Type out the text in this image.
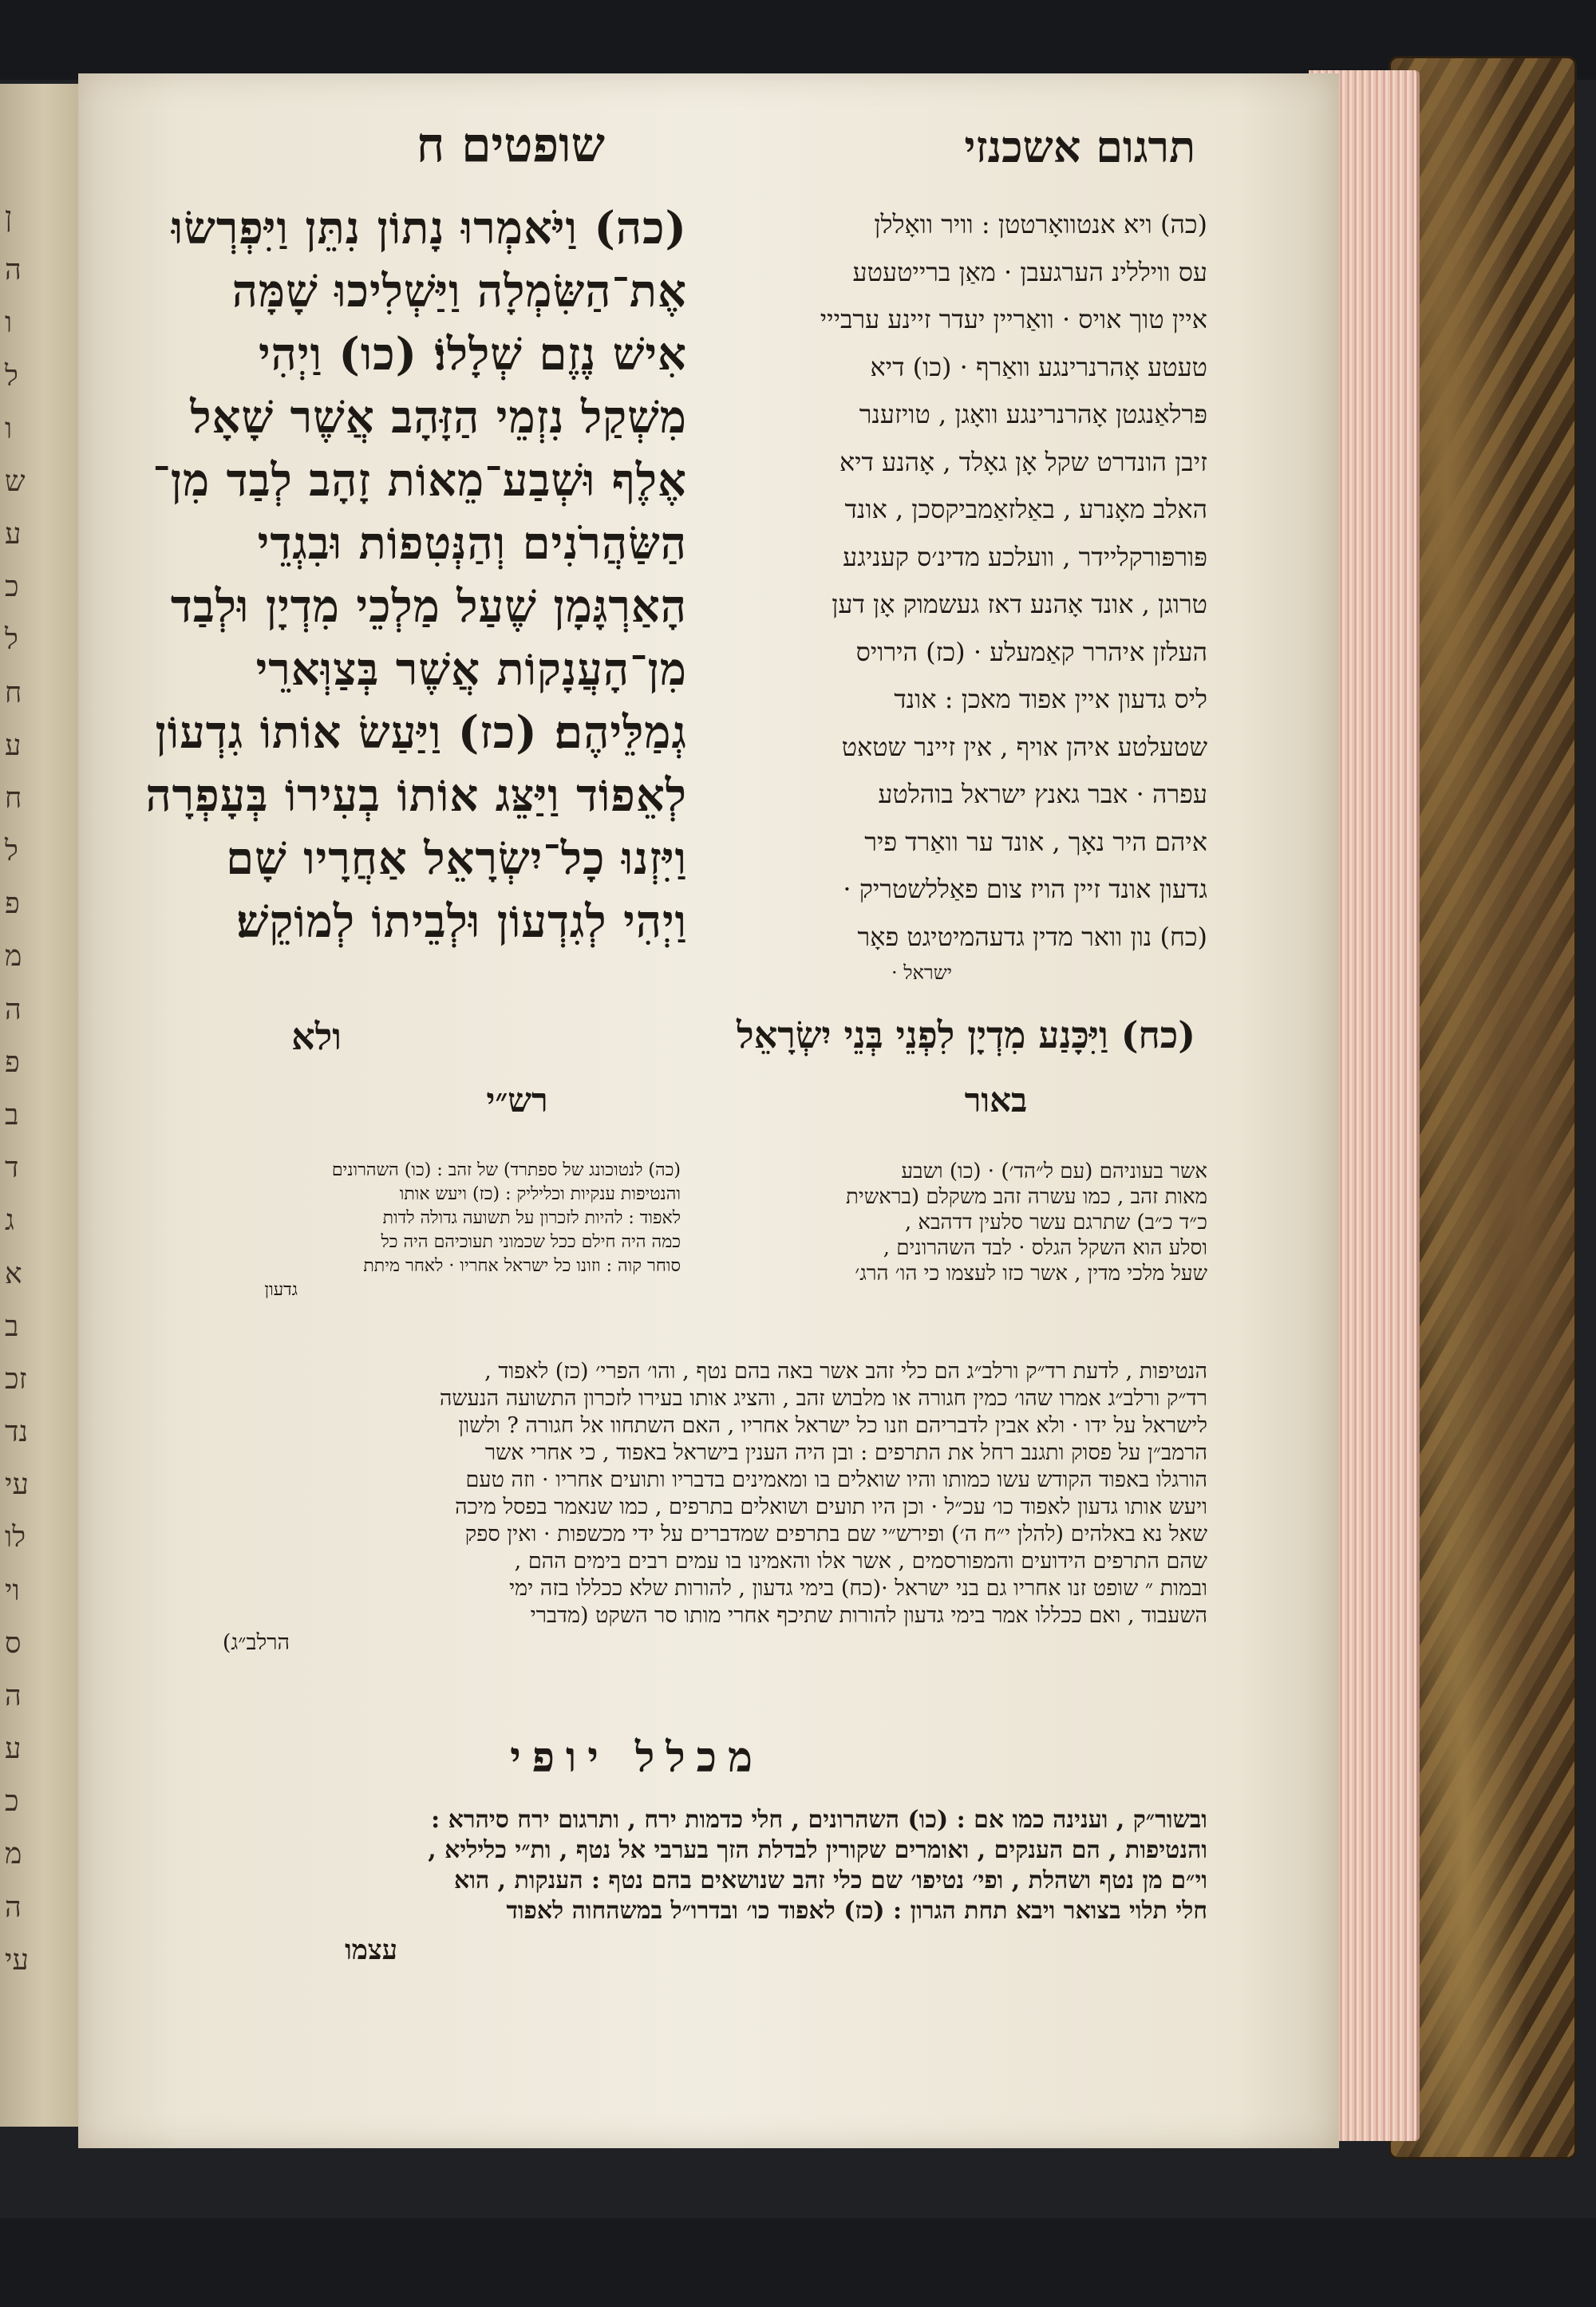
ן
ה
ו
ל
ו
ש
ע
כ
ל
ח
ע
ח
ל
פ
מ
ה
פ
ב
ד
ג
א
ב
זכ
נד
עי
לו
וי
ס
ה
ע
כ
מ
ה
עי
תרגום אשכנזי
שופטים ח
(כה) וַיֹּאמְרוּ נָתוֹן נִתֵּן וַיִּפְרְשׂוּ
אֶת־הַשִּׂמְלָה וַיַּשְׁלִיכוּ שָׁמָּה
אִישׁ נֶזֶם שְׁלָלוֹ׃ (כו) וַיְהִי
מִשְׁקַל נִזְמֵי הַזָּהָב אֲשֶׁר שָׁאָל
אֶלֶף וּשְׁבַע־מֵאוֹת זָהָב לְבַד מִן־
הַשַּׂהֲרֹנִים וְהַנְּטִפוֹת וּבִגְדֵי
הָאַרְגָּמָן שֶׁעַל מַלְכֵי מִדְיָן וּלְבַד
מִן־הָעֲנָקוֹת אֲשֶׁר בְּצַוְּארֵי
גְמַלֵּיהֶם׃ (כז) וַיַּעַשׂ אוֹתוֹ גִדְעוֹן
לְאֵפוֹד וַיַּצֵּג אוֹתוֹ בְעִירוֹ בְּעָפְרָה
וַיִּזְנוּ כָל־יִשְׂרָאֵל אַחֲרָיו שָׁם
וַיְהִי לְגִדְעוֹן וּלְבֵיתוֹ לְמוֹקֵשׁ׃
(כה) ויא אנטוואָרטטן : וויר וואָללן
עס וויללינ הערגעבן · מאַן ברייטעטע
איין טוך אויס · וואַריין יעדר זיינע ערבייי
טעטע אָהרנרינגע וואַרף · (כו) דיא
פּרלאַנגטן אָהרנרינגע וואָגן , טויזענר
זיבן הונדרט שקל אָן גאָלד , אָהנע דיא
האלב מאָנרע , באַלזאַמביקסכן , אונד
פּורפּורקליידר , וועלכע מדינ׳ס קעניגע
טרוגן , אונד אָהנע דאז געשמוק אָן דען
העלזן איהרר קאַמעלע · (כז) הירויס
ליס גדעון איין אפוד מאכן : אונד
שטעלטע איהן אויף , אין זיינר שטאט
עפרה · אבר גאנץ ישראל בוהלטע
איהם היר נאָך , אונד ער וואַרד פיר
גדעון אונד זיין הויז צום פאַללשטריק ·
(כח) נון וואר מדין גדעהמיטיגט פאָר
ישראל ·
(כח) וַיִּכָּנַע מִדְיָן לִפְנֵי בְּנֵי יִשְׂרָאֵל
ולא
רש״י	באור
(כה) לנטוכונג של ספתרד) של זהב : (כו) השהרונים
והנטיפות ענקיות וכליליק : (כז) ויעש אותו
לאפוד : להיות לזכרון על תשועה גדולה לדות
כמה היה חילם ככל שכמוני תעוכיהם היה כל
סוחר קוה : וזונו כל ישראל אחריו · לאחר מיתת
גדעון
אשר בעוניהם (עם ל״הד׳) · (כו) ושבע
מאות זהב , כמו עשרה זהב משקלם (בראשית
כ״ד כ״ב) שתרגם עשר סלעין דדהבא ,
וסלע הוא השקל הגלס · לבד השהרונים ,
שעל מלכי מדין , אשר כזו לעצמו כי הו׳ הרג׳
הנטיפות , לדעת רד״ק ורלב״ג הם כלי זהב אשר באה בהם נטף , והו׳ הפרי׳ (כז) לאפוד ,
רד״ק ורלב״ג אמרו שהו׳ כמין חגורה או מלבוש זהב , והציג אותו בעירו לזכרון התשועה הנעשה
לישראל על ידו · ולא אבין לדבריהם וזנו כל ישראל אחריו , האם השתחוו אל חגורה ? ולשון
הרמב״ן על פסוק ותגנב רחל את התרפים : ובן היה הענין בישראל באפוד , כי אחרי אשר
הורגלו באפוד הקודש עשו כמותו והיו שואלים בו ומאמינים בדבריו ותועים אחריו · וזה טעם
ויעש אותו גדעון לאפוד כו׳ עכ״ל · וכן היו תועים ושואלים בתרפים , כמו שנאמר בפסל מיכה
שאל נא באלהים (להלן י״ח ה׳) ופירש״י שם בתרפים שמדברים על ידי מכשפות · ואין ספק
שהם התרפים הידועים והמפורסמים , אשר אלו והאמינו בו עמים רבים בימים ההם ,
ובמות ״ שופט זנו אחריו גם בני ישראל ·(כח) בימי גדעון , להורות שלא ככללו בזה ימי
השעבוד , ואם ככללו אמר בימי גדעון להורות שתיכף אחרי מותו סר השקט (מדברי
הרלב״ג)
מכלל יופי
ובשור״ק , וענינה כמו אם : (כו) השהרונים , חלי כדמות ירח , ותרגום ירח סיהרא :
והנטיפות , הם הענקים , ואומרים שקורין לבדלת הזך בערבי אל נטף , ות״י כליליא ,
וי״ם מן נטף ושהלת , ופי׳ נטיפו׳ שם כלי זהב שנושאים בהם נטף : הענקות , הוא
חלי תלוי בצואר ויבא תחת הגרון : (כז) לאפוד כו׳ ובדרו״ל במשהחוה לאפוד
עצמו
